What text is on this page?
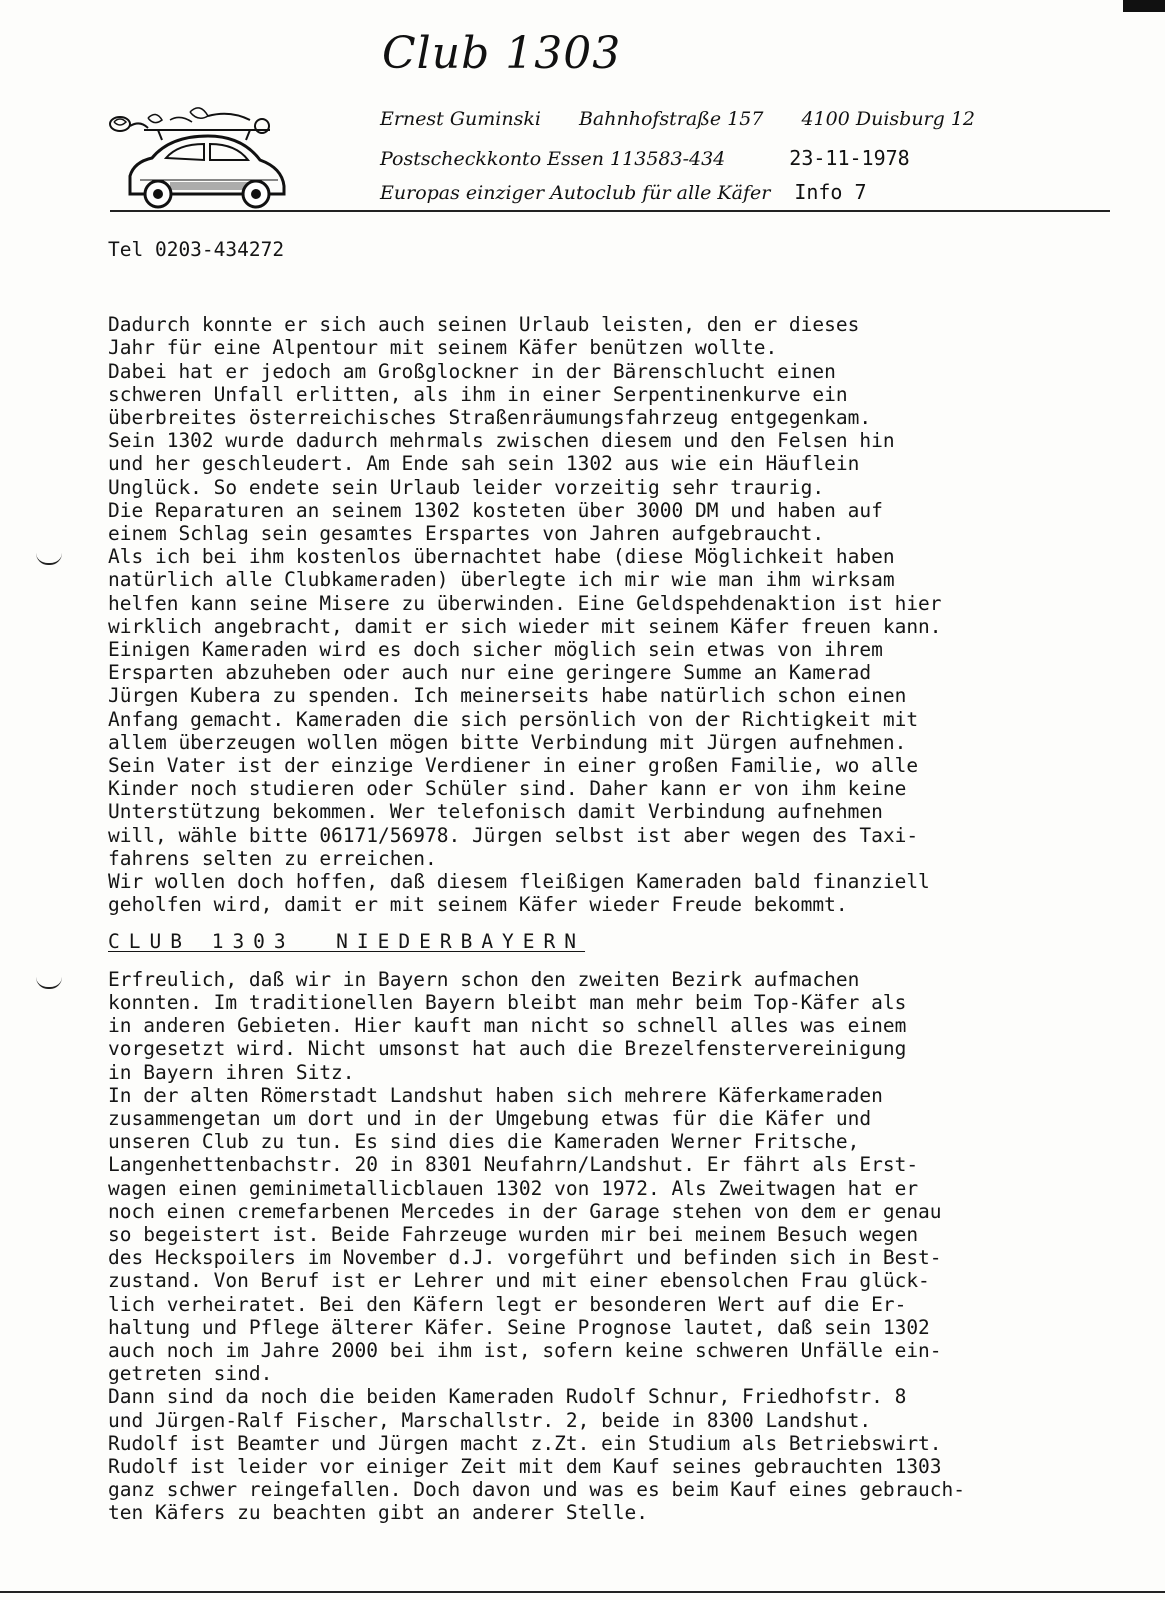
Club 1303
Ernest Guminski Bahnhofstraße 157 4100 Duisburg 12
Postscheckkonto Essen 113583-434	23-11-1978
Europas einziger Autoclub für alle Käfer Info 7

Tel 0203-434272

Dadurch konnte er sich auch seinen Urlaub leisten, den er dieses
Jahr für eine Alpentour mit seinem Käfer benützen wollte.
Dabei hat er jedoch am Großglockner in der Bärenschlucht einen
schweren Unfall erlitten, als ihm in einer Serpentinenkurve ein
überbreites österreichisches Straßenräumungsfahrzeug entgegenkam.
Sein 1302 wurde dadurch mehrmals zwischen diesem und den Felsen hin
und her geschleudert. Am Ende sah sein 1302 aus wie ein Häuflein
Unglück. So endete sein Urlaub leider vorzeitig sehr traurig.
Die Reparaturen an seinem 1302 kosteten über 3000 DM und haben auf
einem Schlag sein gesamtes Erspartes von Jahren aufgebraucht.
Als ich bei ihm kostenlos übernachtet habe (diese Möglichkeit haben
natürlich alle Clubkameraden) überlegte ich mir wie man ihm wirksam
helfen kann seine Misere zu überwinden. Eine Geldspehdenaktion ist hier
wirklich angebracht, damit er sich wieder mit seinem Käfer freuen kann.
Einigen Kameraden wird es doch sicher möglich sein etwas von ihrem
Ersparten abzuheben oder auch nur eine geringere Summe an Kamerad
Jürgen Kubera zu spenden. Ich meinerseits habe natürlich schon einen
Anfang gemacht. Kameraden die sich persönlich von der Richtigkeit mit
allem überzeugen wollen mögen bitte Verbindung mit Jürgen aufnehmen.
Sein Vater ist der einzige Verdiener in einer großen Familie, wo alle
Kinder noch studieren oder Schüler sind. Daher kann er von ihm keine
Unterstützung bekommen. Wer telefonisch damit Verbindung aufnehmen
will, wähle bitte 06171/56978. Jürgen selbst ist aber wegen des Taxi-
fahrens selten zu erreichen.
Wir wollen doch hoffen, daß diesem fleißigen Kameraden bald finanziell
geholfen wird, damit er mit seinem Käfer wieder Freude bekommt.
CLUB 1303  NIEDERBAYERN
Erfreulich, daß wir in Bayern schon den zweiten Bezirk aufmachen
konnten. Im traditionellen Bayern bleibt man mehr beim Top-Käfer als
in anderen Gebieten. Hier kauft man nicht so schnell alles was einem
vorgesetzt wird. Nicht umsonst hat auch die Brezelfenstervereinigung
in Bayern ihren Sitz.
In der alten Römerstadt Landshut haben sich mehrere Käferkameraden
zusammengetan um dort und in der Umgebung etwas für die Käfer und
unseren Club zu tun. Es sind dies die Kameraden Werner Fritsche,
Langenhettenbachstr. 20 in 8301 Neufahrn/Landshut. Er fährt als Erst-
wagen einen geminimetallicblauen 1302 von 1972. Als Zweitwagen hat er
noch einen cremefarbenen Mercedes in der Garage stehen von dem er genau
so begeistert ist. Beide Fahrzeuge wurden mir bei meinem Besuch wegen
des Heckspoilers im November d.J. vorgeführt und befinden sich in Best-
zustand. Von Beruf ist er Lehrer und mit einer ebensolchen Frau glück-
lich verheiratet. Bei den Käfern legt er besonderen Wert auf die Er-
haltung und Pflege älterer Käfer. Seine Prognose lautet, daß sein 1302
auch noch im Jahre 2000 bei ihm ist, sofern keine schweren Unfälle ein-
getreten sind.
Dann sind da noch die beiden Kameraden Rudolf Schnur, Friedhofstr. 8
und Jürgen-Ralf Fischer, Marschallstr. 2, beide in 8300 Landshut.
Rudolf ist Beamter und Jürgen macht z.Zt. ein Studium als Betriebswirt.
Rudolf ist leider vor einiger Zeit mit dem Kauf seines gebrauchten 1303
ganz schwer reingefallen. Doch davon und was es beim Kauf eines gebrauch-
ten Käfers zu beachten gibt an anderer Stelle.
